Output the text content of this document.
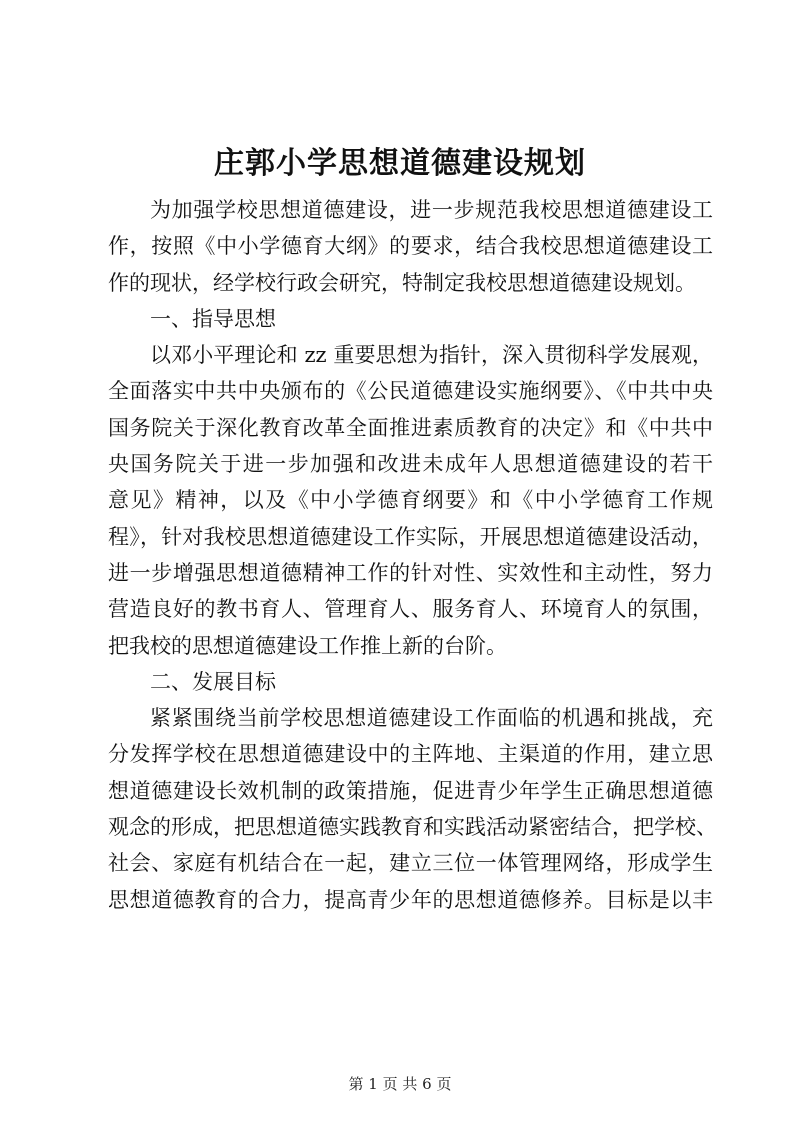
庄郭小学思想道德建设规划
为加强学校思想道德建设，进一步规范我校思想道德建设工
作，按照《中小学德育大纲》的要求，结合我校思想道德建设工
作的现状，经学校行政会研究，特制定我校思想道德建设规划。
一、指导思想
以邓小平理论和 zz 重要思想为指针，深入贯彻科学发展观，
全面落实中共中央颁布的《公民道德建设实施纲要》、《中共中央
国务院关于深化教育改革全面推进素质教育的决定》和《中共中
央国务院关于进一步加强和改进未成年人思想道德建设的若干
意见》精神，以及《中小学德育纲要》和《中小学德育工作规
程》，针对我校思想道德建设工作实际，开展思想道德建设活动，
进一步增强思想道德精神工作的针对性、实效性和主动性，努力
营造良好的教书育人、管理育人、服务育人、环境育人的氛围，
把我校的思想道德建设工作推上新的台阶。
二、发展目标
紧紧围绕当前学校思想道德建设工作面临的机遇和挑战，充
分发挥学校在思想道德建设中的主阵地、主渠道的作用，建立思
想道德建设长效机制的政策措施，促进青少年学生正确思想道德
观念的形成，把思想道德实践教育和实践活动紧密结合，把学校、
社会、家庭有机结合在一起，建立三位一体管理网络，形成学生
思想道德教育的合力，提高青少年的思想道德修养。目标是以丰
第 1 页 共 6 页
